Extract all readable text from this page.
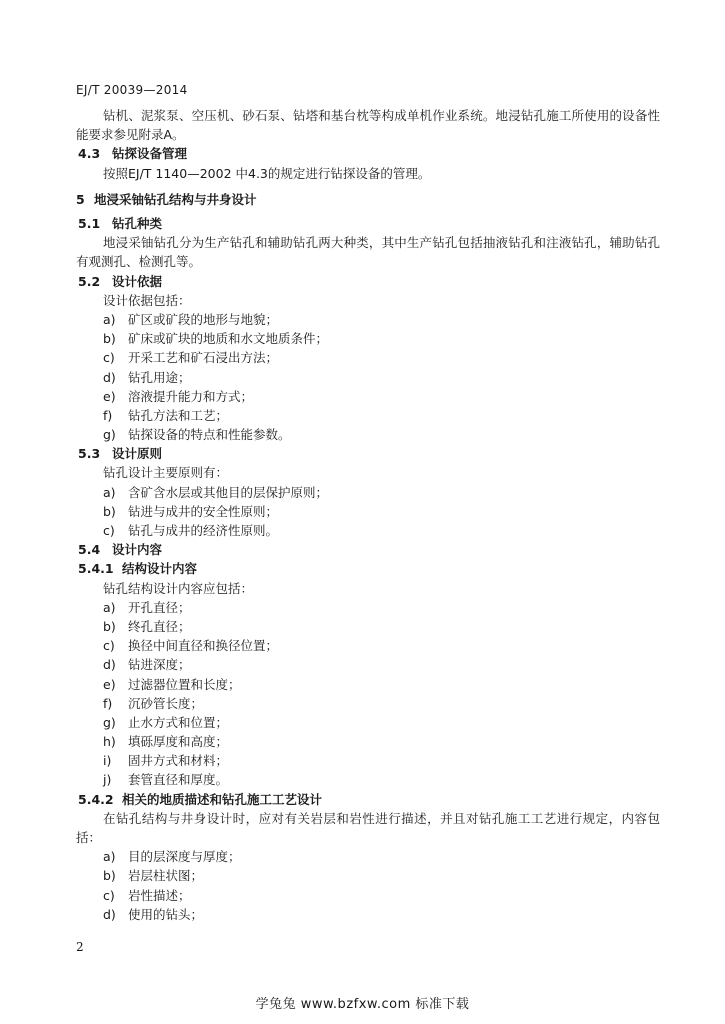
EJ/T 20039—2014
钻机、泥浆泵、空压机、砂石泵、钻塔和基台枕等构成单机作业系统。地浸钻孔施工所使用的设备性能要求参见附录A。
4.3 钻探设备管理
按照EJ/T 1140—2002 中4.3的规定进行钻探设备的管理。
5 地浸采铀钻孔结构与井身设计
5.1 钻孔种类
地浸采铀钻孔分为生产钻孔和辅助钻孔两大种类，其中生产钻孔包括抽液钻孔和注液钻孔，辅助钻孔有观测孔、检测孔等。
5.2 设计依据
设计依据包括：
a) 矿区或矿段的地形与地貌；
b) 矿床或矿块的地质和水文地质条件；
c) 开采工艺和矿石浸出方法；
d) 钻孔用途；
e) 溶液提升能力和方式；
f) 钻孔方法和工艺；
g) 钻探设备的特点和性能参数。
5.3 设计原则
钻孔设计主要原则有：
a) 含矿含水层或其他目的层保护原则；
b) 钻进与成井的安全性原则；
c) 钻孔与成井的经济性原则。
5.4 设计内容
5.4.1 结构设计内容
钻孔结构设计内容应包括：
a) 开孔直径；
b) 终孔直径；
c) 换径中间直径和换径位置；
d) 钻进深度；
e) 过滤器位置和长度；
f) 沉砂管长度；
g) 止水方式和位置；
h) 填砾厚度和高度；
i) 固井方式和材料；
j) 套管直径和厚度。
5.4.2 相关的地质描述和钻孔施工工艺设计
在钻孔结构与井身设计时，应对有关岩层和岩性进行描述，并且对钻孔施工工艺进行规定，内容包括：
a) 目的层深度与厚度；
b) 岩层柱状图；
c) 岩性描述；
d) 使用的钻头；
2
学兔兔 www.bzfxw.com 标准下载
